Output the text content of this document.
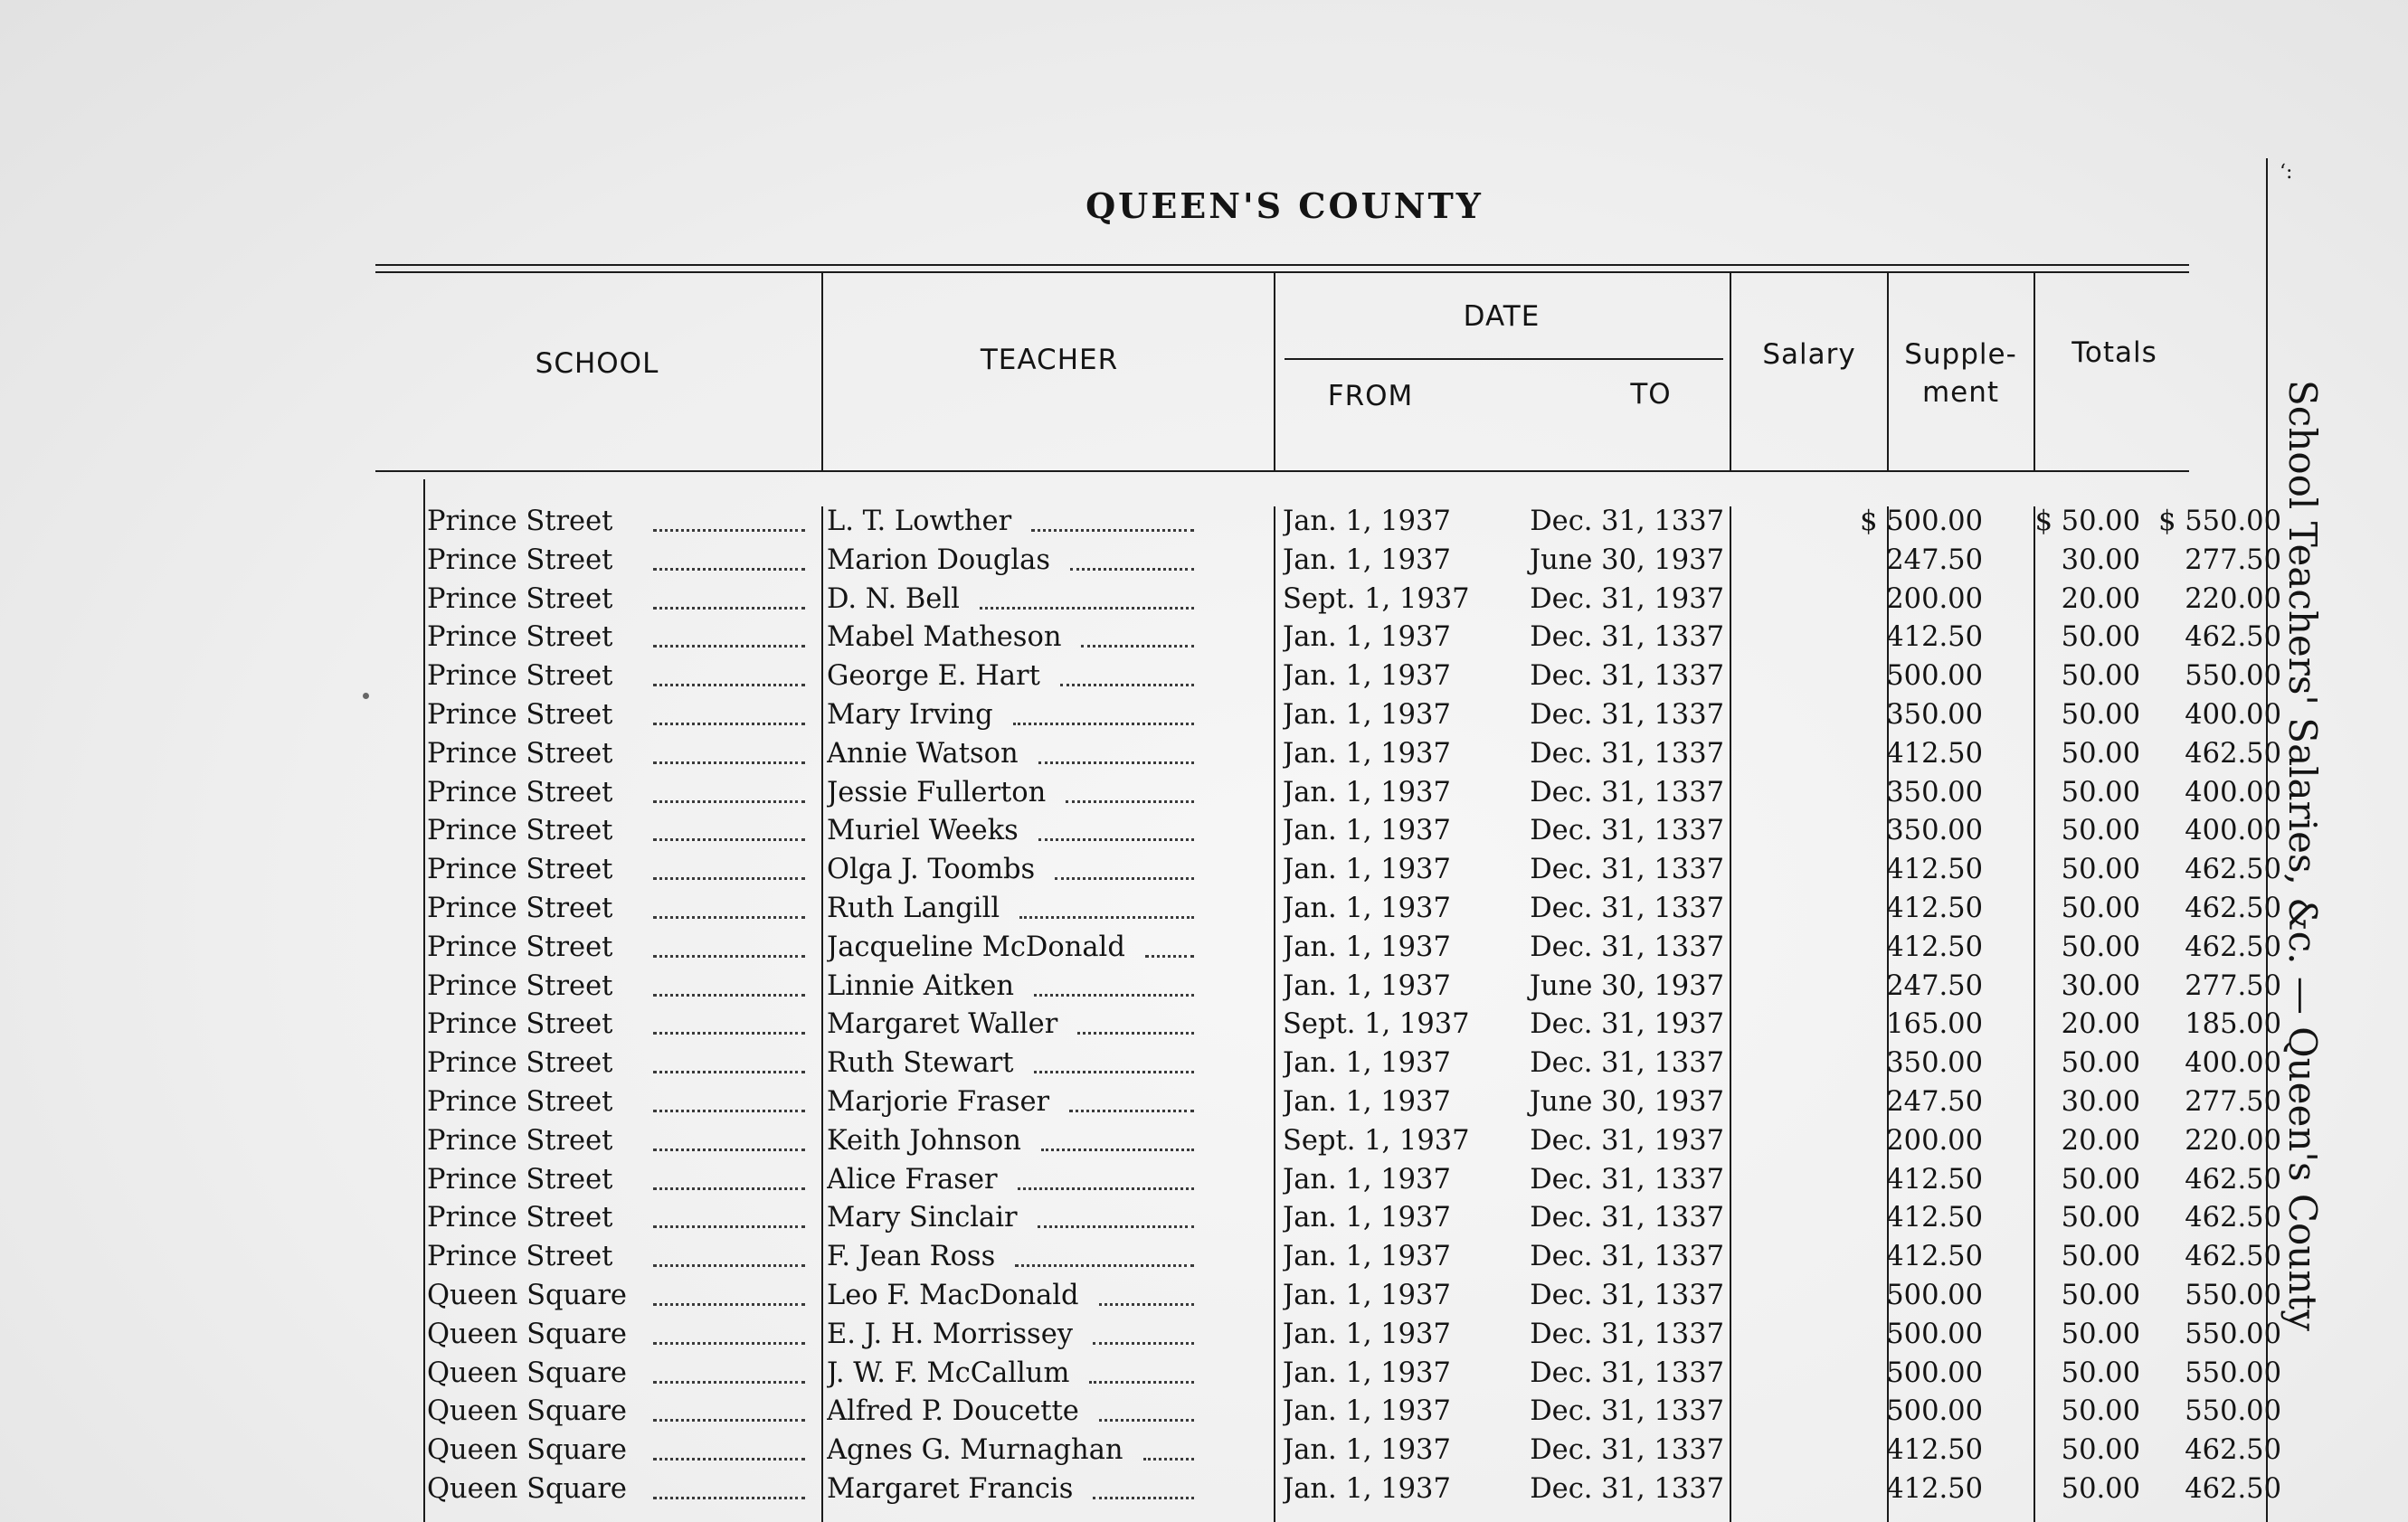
ʻ:
QUEEN'S COUNTY
SCHOOL	TEACHER
DATE
FROM	TO
Salary	Supple-
ment
Totals
Prince Street	L. T. Lowther	Jan. 1, 1937	Dec. 31, 1337	$ 500.00	$ 50.00 $ 550.00
Prince Street	Marion Douglas	Jan. 1, 1937	June 30, 1937	247.50	30.00	277.50
Prince Street	D. N. Bell	Sept. 1, 1937	Dec. 31, 1937	200.00	20.00	220.00
Prince Street	Mabel Matheson	Jan. 1, 1937	Dec. 31, 1337	412.50	50.00	462.50
Prince Street	George E. Hart	Jan. 1, 1937	Dec. 31, 1337	500.00	50.00	550.00
Prince Street	Mary Irving	Jan. 1, 1937	Dec. 31, 1337	350.00	50.00	400.00
Prince Street	Annie Watson	Jan. 1, 1937	Dec. 31, 1337	412.50	50.00	462.50
Prince Street	Jessie Fullerton	Jan. 1, 1937	Dec. 31, 1337	350.00	50.00	400.00
Prince Street	Muriel Weeks	Jan. 1, 1937	Dec. 31, 1337	350.00	50.00	400.00
Prince Street	Olga J. Toombs	Jan. 1, 1937	Dec. 31, 1337	412.50	50.00	462.50
Prince Street	Ruth Langill	Jan. 1, 1937	Dec. 31, 1337	412.50	50.00	462.50
Prince Street	Jacqueline McDonald	Jan. 1, 1937	Dec. 31, 1337	412.50	50.00	462.50
Prince Street	Linnie Aitken	Jan. 1, 1937	June 30, 1937	247.50	30.00	277.50
Prince Street	Margaret Waller	Sept. 1, 1937	Dec. 31, 1937	165.00	20.00	185.00
Prince Street	Ruth Stewart	Jan. 1, 1937	Dec. 31, 1337	350.00	50.00	400.00
Prince Street	Marjorie Fraser	Jan. 1, 1937	June 30, 1937	247.50	30.00	277.50
Prince Street	Keith Johnson	Sept. 1, 1937	Dec. 31, 1937	200.00	20.00	220.00
Prince Street	Alice Fraser	Jan. 1, 1937	Dec. 31, 1337	412.50	50.00	462.50
Prince Street	Mary Sinclair	Jan. 1, 1937	Dec. 31, 1337	412.50	50.00	462.50
Prince Street	F. Jean Ross	Jan. 1, 1937	Dec. 31, 1337	412.50	50.00	462.50
Queen Square	Leo F. MacDonald	Jan. 1, 1937	Dec. 31, 1337	500.00	50.00	550.00
Queen Square	E. J. H. Morrissey	Jan. 1, 1937	Dec. 31, 1337	500.00	50.00	550.00
Queen Square	J. W. F. McCallum	Jan. 1, 1937	Dec. 31, 1337	500.00	50.00	550.00
Queen Square	Alfred P. Doucette	Jan. 1, 1937	Dec. 31, 1337	500.00	50.00	550.00
Queen Square	Agnes G. Murnaghan	Jan. 1, 1937	Dec. 31, 1337	412.50	50.00	462.50
Queen Square	Margaret Francis	Jan. 1, 1937	Dec. 31, 1337	412.50	50.00	462.50
School Teachers' Salaries, &c. — Queen's County
